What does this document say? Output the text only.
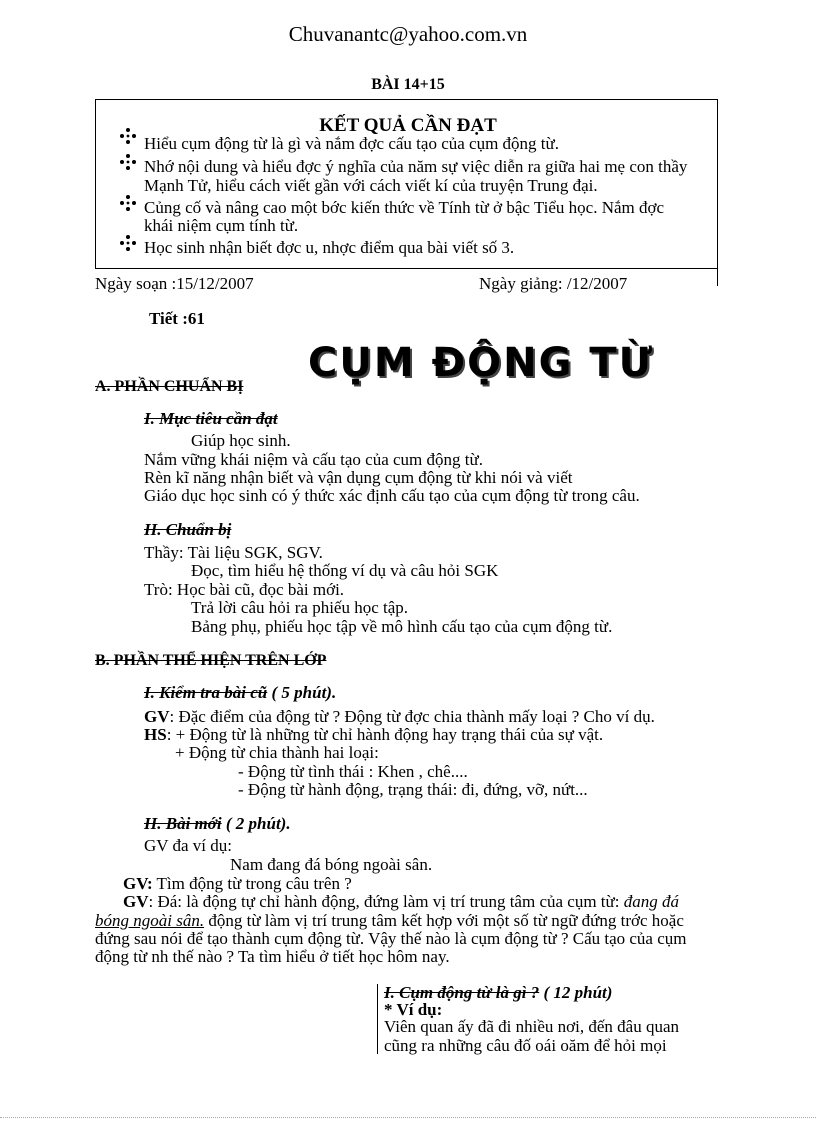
Chuvanantc@yahoo.com.vn
BÀI 14+15
KẾT QUẢ CẦN ĐẠT
Hiểu cụm động từ là gì và nắm đợc cấu tạo của cụm động từ.
Nhớ nội dung và hiểu đợc ý nghĩa của năm sự việc diễn ra giữa hai mẹ con thầy
Mạnh Tử, hiểu cách viết gần với cách viết kí của truyện Trung đại.
Củng cố và nâng cao một bớc kiến thức về Tính từ ở bậc Tiểu học. Nắm đợc
khái niệm cụm tính từ.
Học sinh nhận biết đợc u, nhợc điểm qua bài viết số 3.
Ngày soạn :15/12/2007	Ngày giảng: /12/2007
Tiết :61
CỤM ĐỘNG TỪ
A. PHẦN CHUẨN BỊ
I. Mục tiêu cần đạt
Giúp học sinh.
Nắm vững khái niệm và cấu tạo của cum động từ.
Rèn kĩ năng nhận biết và vận dụng cụm động từ khi nói và viết
Giáo dục học sinh có ý thức xác định cấu tạo của cụm động từ trong câu.
II. Chuẩn bị
Thầy: Tài liệu SGK, SGV.
Đọc, tìm hiểu hệ thống ví dụ và câu hỏi SGK
Trò: Học bài cũ, đọc bài mới.
Trả lời câu hỏi ra phiếu học tập.
Bảng phụ, phiếu học tập về mô hình cấu tạo của cụm động từ.
B. PHẦN THỂ HIỆN TRÊN LỚP
I. Kiểm tra bài cũ ( 5 phút).
GV: Đặc điểm của động từ ? Động từ đợc chia thành mấy loại ? Cho ví dụ.
HS: + Động từ là những từ chỉ hành động hay trạng thái của sự vật.
+ Động từ chia thành hai loại:
- Động từ tình thái : Khen , chê....
- Động từ hành động, trạng thái: đi, đứng, vỡ, nứt...
II. Bài mới ( 2 phút).
GV đa ví dụ:
Nam đang đá bóng ngoài sân.
GV: Tìm động từ trong câu trên ?
GV: Đá: là động tự chỉ hành động, đứng làm vị trí trung tâm của cụm từ: đang đá
bóng ngoài sân. động từ làm vị trí trung tâm kết hợp với một số từ ngữ đứng trớc hoặc
đứng sau nói để tạo thành cụm động từ. Vậy thế nào là cụm động từ ? Cấu tạo của cụm
động từ nh thế nào ? Ta tìm hiểu ở tiết học hôm nay.
I. Cụm động từ là gì ? ( 12 phút)
* Ví dụ:
Viên quan ấy đã đi nhiều nơi, đến đâu quan
cũng ra những câu đố oái oăm để hỏi mọi
